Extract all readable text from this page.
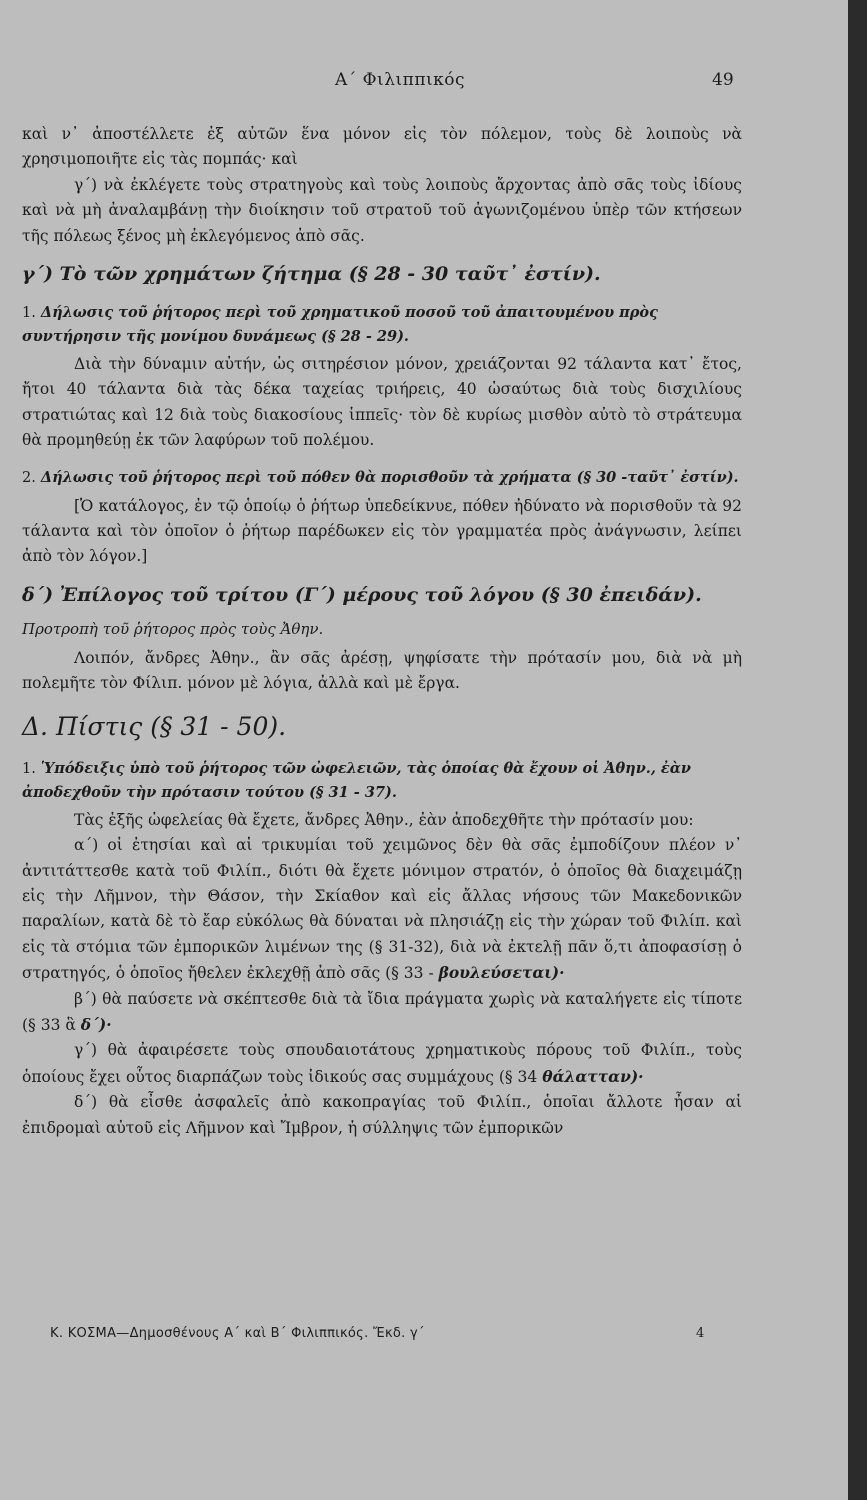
Α΄ Φιλιππικός	49

καὶ ν᾿ ἀποστέλλετε ἐξ αὐτῶν ἕνα μόνον εἰς τὸν πόλεμον, τοὺς δὲ λοιποὺς νὰ χρησιμοποιῆτε εἰς τὰς πομπάς· καὶ

γ΄) νὰ ἐκλέγετε τοὺς στρατηγοὺς καὶ τοὺς λοιποὺς ἄρχοντας ἀπὸ σᾶς τοὺς ἰδίους καὶ νὰ μὴ ἀναλαμβάνῃ τὴν διοίκησιν τοῦ στρατοῦ τοῦ ἀγωνιζομένου ὑπὲρ τῶν κτήσεων τῆς πόλεως ξένος μὴ ἐκλεγόμενος ἀπὸ σᾶς.

γ΄) Τὸ τῶν χρημάτων ζήτημα (§ 28 - 30 ταῦτ᾿ ἐστίν).
1. Δήλωσις τοῦ ῥήτορος περὶ τοῦ χρηματικοῦ ποσοῦ τοῦ ἀπαιτουμένου πρὸς συντήρησιν τῆς μονίμου δυνάμεως (§ 28 - 29).

Διὰ τὴν δύναμιν αὐτήν, ὡς σιτηρέσιον μόνον, χρειάζονται 92 τάλαντα κατ᾿ ἔτος, ἤτοι 40 τάλαντα διὰ τὰς δέκα ταχείας τριήρεις, 40 ὡσαύτως διὰ τοὺς δισχιλίους στρατιώτας καὶ 12 διὰ τοὺς διακοσίους ἱππεῖς· τὸν δὲ κυρίως μισθὸν αὐτὸ τὸ στράτευμα θὰ προμηθεύῃ ἐκ τῶν λαφύρων τοῦ πολέμου.

2. Δήλωσις τοῦ ῥήτορος περὶ τοῦ πόθεν θὰ πορισθοῦν τὰ χρήματα (§ 30 -ταῦτ᾿ ἐστίν).

[Ὁ κατάλογος, ἐν τῷ ὁποίῳ ὁ ῥήτωρ ὑπεδείκνυε, πόθεν ἠδύνατο νὰ πορισθοῦν τὰ 92 τάλαντα καὶ τὸν ὁποῖον ὁ ῥήτωρ παρέδωκεν εἰς τὸν γραμματέα πρὸς ἀνάγνωσιν, λείπει ἀπὸ τὸν λόγον.]

δ΄) Ἐπίλογος τοῦ τρίτου (Γ΄) μέρους τοῦ λόγου (§ 30 ἐπειδάν).
Προτροπὴ τοῦ ῥήτορος πρὸς τοὺς Ἀθην.

Λοιπόν, ἄνδρες Ἀθην., ἂν σᾶς ἀρέσῃ, ψηφίσατε τὴν πρότασίν μου, διὰ νὰ μὴ πολεμῆτε τὸν Φίλιπ. μόνον μὲ λόγια, ἀλλὰ καὶ μὲ ἔργα.

Δ. Πίστις (§ 31 - 50).
1. Ὑπόδειξις ὑπὸ τοῦ ῥήτορος τῶν ὠφελειῶν, τὰς ὁποίας θὰ ἔχουν οἱ Ἀθην., ἐὰν ἀποδεχθοῦν τὴν πρότασιν τούτου (§ 31 - 37).

Τὰς ἑξῆς ὠφελείας θὰ ἔχετε, ἄνδρες Ἀθην., ἐὰν ἀποδεχθῆτε τὴν πρότασίν μου:

α΄) οἱ ἐτησίαι καὶ αἱ τρικυμίαι τοῦ χειμῶνος δὲν θὰ σᾶς ἐμποδίζουν πλέον ν᾿ ἀντιτάττεσθε κατὰ τοῦ Φιλίπ., διότι θὰ ἔχετε μόνιμον στρατόν, ὁ ὁποῖος θὰ διαχειμάζῃ εἰς τὴν Λῆμνον, τὴν Θάσον, τὴν Σκίαθον καὶ εἰς ἄλλας νήσους τῶν Μακεδονικῶν παραλίων, κατὰ δὲ τὸ ἔαρ εὐκόλως θὰ δύναται νὰ πλησιάζῃ εἰς τὴν χώραν τοῦ Φιλίπ. καὶ εἰς τὰ στόμια τῶν ἐμπορικῶν λιμένων της (§ 31-32), διὰ νὰ ἐκτελῇ πᾶν ὅ,τι ἀποφασίσῃ ὁ στρατηγός, ὁ ὁποῖος ἤθελεν ἐκλεχθῇ ἀπὸ σᾶς (§ 33 - βουλεύσεται)·

β΄) θὰ παύσετε νὰ σκέπτεσθε διὰ τὰ ἴδια πράγματα χωρὶς νὰ καταλήγετε εἰς τίποτε (§ 33 ἃ δ΄)·

γ΄) θὰ ἀφαιρέσετε τοὺς σπουδαιοτάτους χρηματικοὺς πόρους τοῦ Φιλίπ., τοὺς ὁποίους ἔχει οὗτος διαρπάζων τοὺς ἰδικούς σας συμμάχους (§ 34 θάλατταν)·

δ΄) θὰ εἶσθε ἀσφαλεῖς ἀπὸ κακοπραγίας τοῦ Φιλίπ., ὁποῖαι ἄλλοτε ἦσαν αἱ ἐπιδρομαὶ αὐτοῦ εἰς Λῆμνον καὶ Ἴμβρον, ἡ σύλληψις τῶν ἐμπορικῶν

Κ. ΚΟΣΜΑ—Δημοσθένους Α΄ καὶ Β΄ Φιλιππικός. Ἔκδ. γ΄	4
